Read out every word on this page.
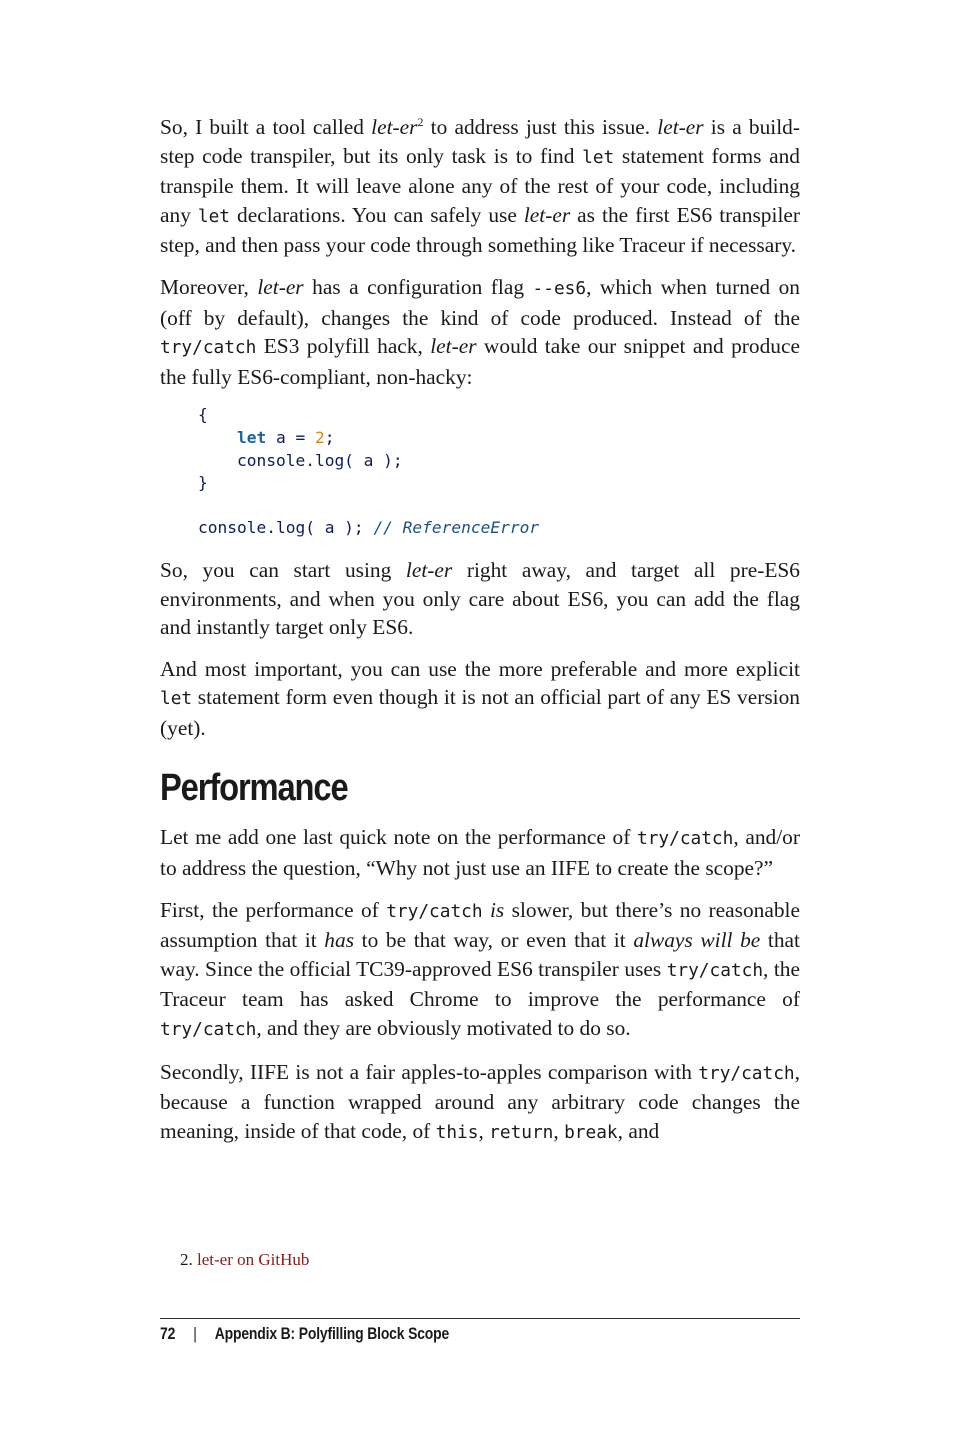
So, I built a tool called let-er$^2$ to address just this issue. let-er is a build-step code transpiler, but its only task is to find let statement forms and transpile them. It will leave alone any of the rest of your code, including any let declarations. You can safely use let-er as the first ES6 transpiler step, and then pass your code through something like Traceur if necessary.

Moreover, let-er has a configuration flag --es6, which when turned on (off by default), changes the kind of code produced. Instead of the try/catch ES3 polyfill hack, let-er would take our snippet and produce the fully ES6-compliant, non-hacky:

{
let a = 2;
console.log( a );
}

console.log( a ); // ReferenceError

So, you can start using let-er right away, and target all pre-ES6 environments, and when you only care about ES6, you can add the flag and instantly target only ES6.

And most important, you can use the more preferable and more explicit let statement form even though it is not an official part of any ES version (yet).

Performance

Let me add one last quick note on the performance of try/catch, and/or to address the question, “Why not just use an IIFE to create the scope?”

First, the performance of try/catch is slower, but there’s no reasonable assumption that it has to be that way, or even that it always will be that way. Since the official TC39-approved ES6 transpiler uses try/catch, the Traceur team has asked Chrome to improve the performance of try/catch, and they are obviously motivated to do so.

Secondly, IIFE is not a fair apples-to-apples comparison with try/catch, because a function wrapped around any arbitrary code changes the meaning, inside of that code, of this, return, break, and

2. let-er on GitHub
72 | Appendix B: Polyfilling Block Scope
